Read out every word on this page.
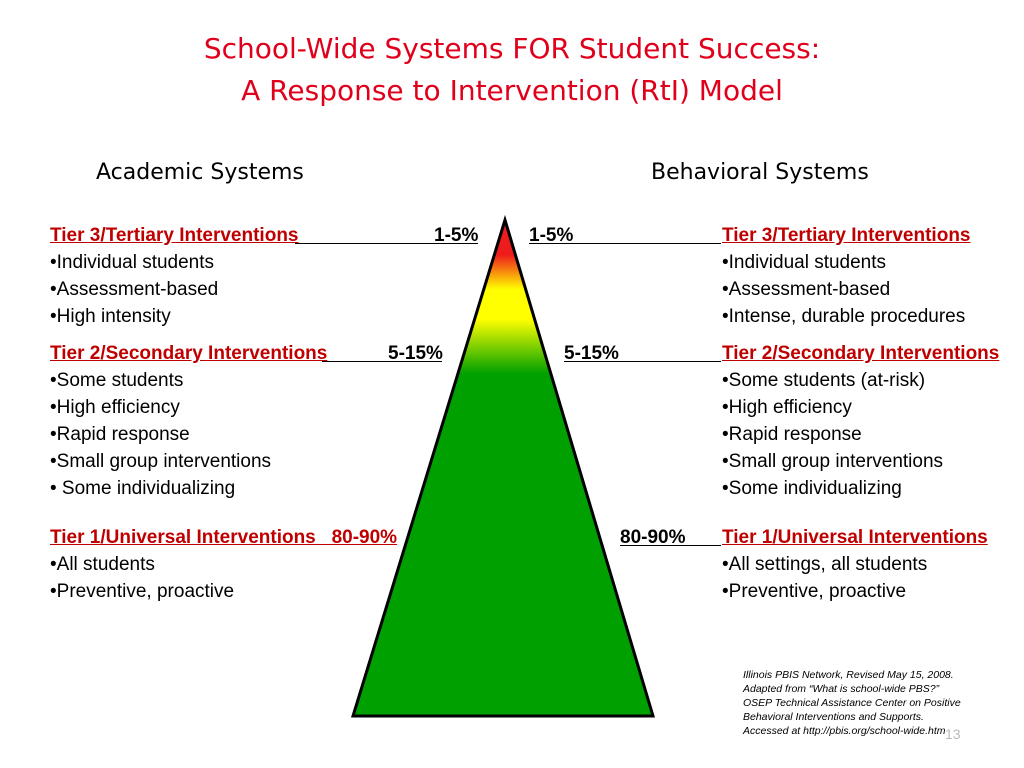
School-Wide Systems FOR Student Success:
A Response to Intervention (RtI) Model
Academic Systems	Behavioral Systems
Tier 3/Tertiary Interventions
•Individual students
•Assessment-based
•High intensity
1-5%
Tier 2/Secondary Interventions
•Some students
•High efficiency
•Rapid response
•Small group interventions
• Some individualizing
5-15%
Tier 1/Universal Interventions   80-90%
•All students
•Preventive, proactive
1-5%	Tier 3/Tertiary Interventions
•Individual students
•Assessment-based
•Intense, durable procedures
5-15%	Tier 2/Secondary Interventions
•Some students (at-risk)
•High efficiency
•Rapid response
•Small group interventions
•Some individualizing
80-90% Tier 1/Universal Interventions
•All settings, all students
•Preventive, proactive
Illinois PBIS Network, Revised May 15, 2008.
Adapted from “What is school-wide PBS?”
OSEP Technical Assistance Center on Positive
Behavioral Interventions and Supports.
Accessed at http://pbis.org/school-wide.htm 13
